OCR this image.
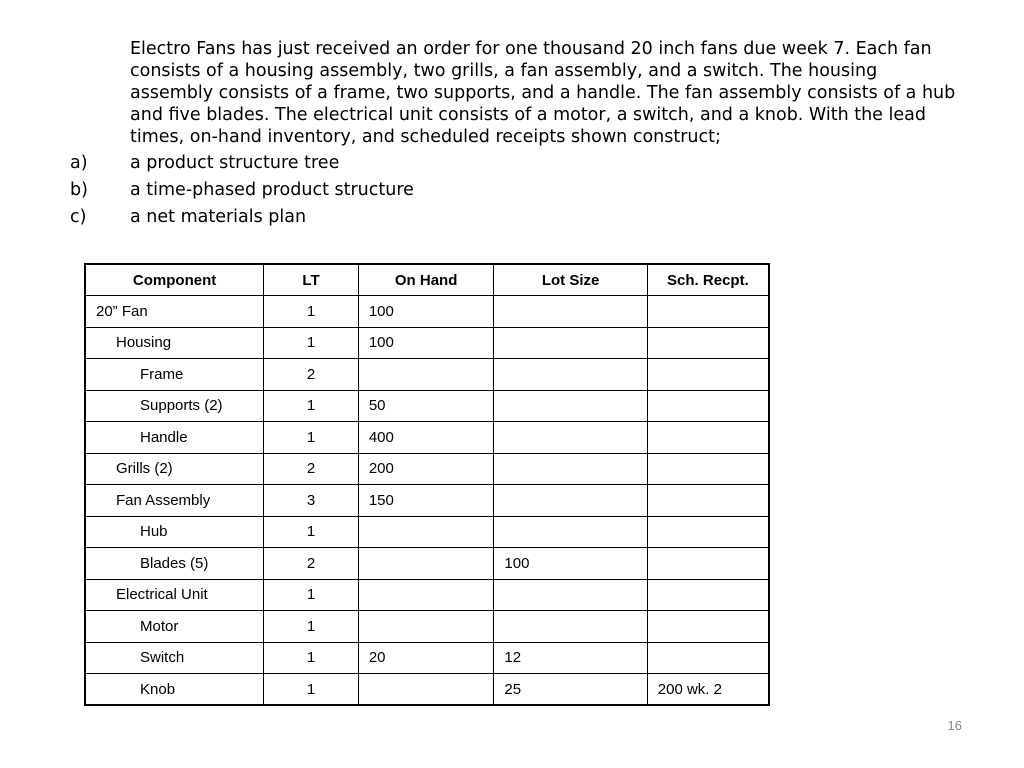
Electro Fans has just received an order for one thousand 20 inch fans due week 7. Each fan consists of a housing assembly, two grills, a fan assembly, and a switch. The housing assembly consists of a frame, two supports, and a handle. The fan assembly consists of a hub and five blades. The electrical unit consists of a motor, a switch, and a knob. With the lead times, on-hand inventory, and scheduled receipts shown construct;

a) a product structure tree
b) a time-phased product structure
c) a net materials plan
Component	LT	On Hand	Lot Size	Sch. Recpt.
20” Fan	1	100		
Housing	1	100		
Frame	2			
Supports (2)	1	50		
Handle	1	400		
Grills (2)	2	200		
Fan Assembly	3	150		
Hub	1			
Blades (5)	2		100	
Electrical Unit	1			
Motor	1			
Switch	1	20	12	
Knob	1		25	200 wk. 2
16
